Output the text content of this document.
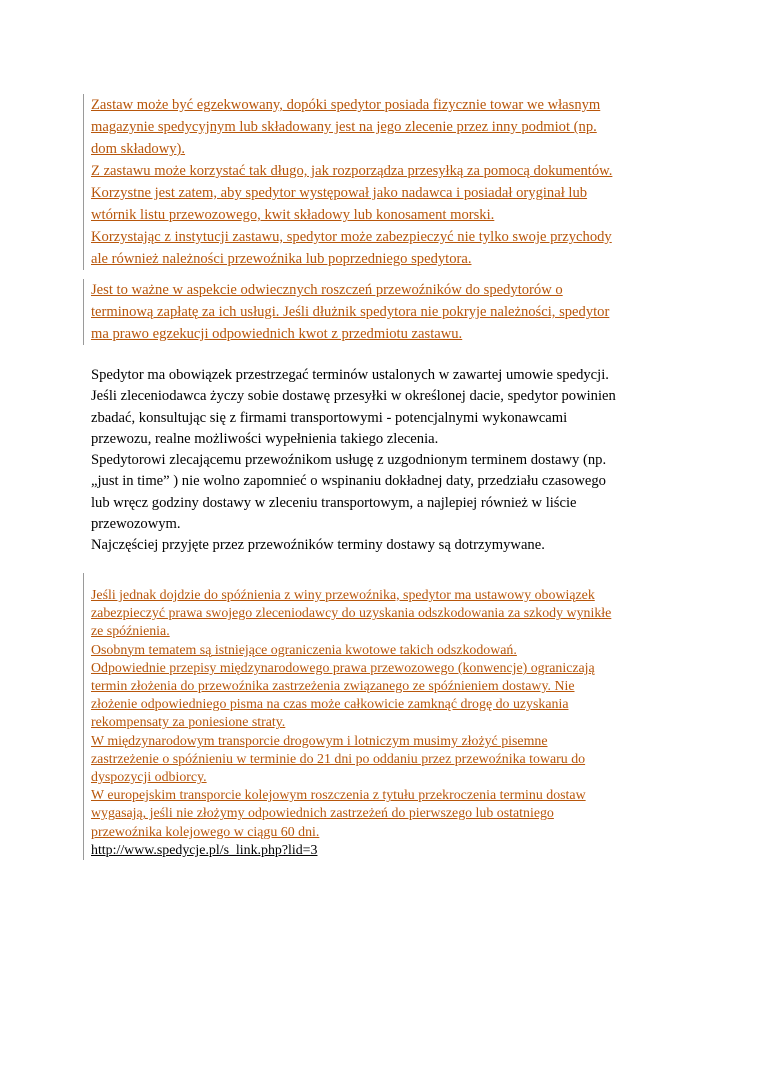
Zastaw może być egzekwowany, dopóki spedytor posiada fizycznie towar we własnym
magazynie spedycyjnym lub składowany jest na jego zlecenie przez inny podmiot (np.
dom składowy).
Z zastawu może korzystać tak długo, jak rozporządza przesyłką za pomocą dokumentów.
Korzystne jest zatem, aby spedytor występował jako nadawca i posiadał oryginał lub
wtórnik listu przewozowego, kwit składowy lub konosament morski.
Korzystając z instytucji zastawu, spedytor może zabezpieczyć nie tylko swoje przychody
ale również należności przewoźnika lub poprzedniego spedytora.
Jest to ważne w aspekcie odwiecznych roszczeń przewoźników do spedytorów o
terminową zapłatę za ich usługi. Jeśli dłużnik spedytora nie pokryje należności, spedytor
ma prawo egzekucji odpowiednich kwot z przedmiotu zastawu.
Spedytor ma obowiązek przestrzegać terminów ustalonych w zawartej umowie spedycji.
Jeśli zleceniodawca życzy sobie dostawę przesyłki w określonej dacie, spedytor powinien
zbadać, konsultując się z firmami transportowymi - potencjalnymi wykonawcami
przewozu, realne możliwości wypełnienia takiego zlecenia.
Spedytorowi zlecającemu przewoźnikom usługę z uzgodnionym terminem dostawy (np.
„just in time” ) nie wolno zapomnieć o wspinaniu dokładnej daty, przedziału czasowego
lub wręcz godziny dostawy w zleceniu transportowym, a najlepiej również w liście
przewozowym.
Najczęściej przyjęte przez przewoźników terminy dostawy są dotrzymywane.
Jeśli jednak dojdzie do spóźnienia z winy przewoźnika, spedytor ma ustawowy obowiązek
zabezpieczyć prawa swojego zleceniodawcy do uzyskania odszkodowania za szkody wynikłe
ze spóźnienia.
Osobnym tematem są istniejące ograniczenia kwotowe takich odszkodowań.
Odpowiednie przepisy międzynarodowego prawa przewozowego (konwencje) ograniczają
termin złożenia do przewoźnika zastrzeżenia związanego ze spóźnieniem dostawy. Nie
złożenie odpowiedniego pisma na czas może całkowicie zamknąć drogę do uzyskania
rekompensaty za poniesione straty.
W międzynarodowym transporcie drogowym i lotniczym musimy złożyć pisemne
zastrzeżenie o spóźnieniu w terminie do 21 dni po oddaniu przez przewoźnika towaru do
dyspozycji odbiorcy.
W europejskim transporcie kolejowym roszczenia z tytułu przekroczenia terminu dostaw
wygasają, jeśli nie złożymy odpowiednich zastrzeżeń do pierwszego lub ostatniego
przewoźnika kolejowego w ciągu 60 dni.
http://www.spedycje.pl/s_link.php?lid=3
